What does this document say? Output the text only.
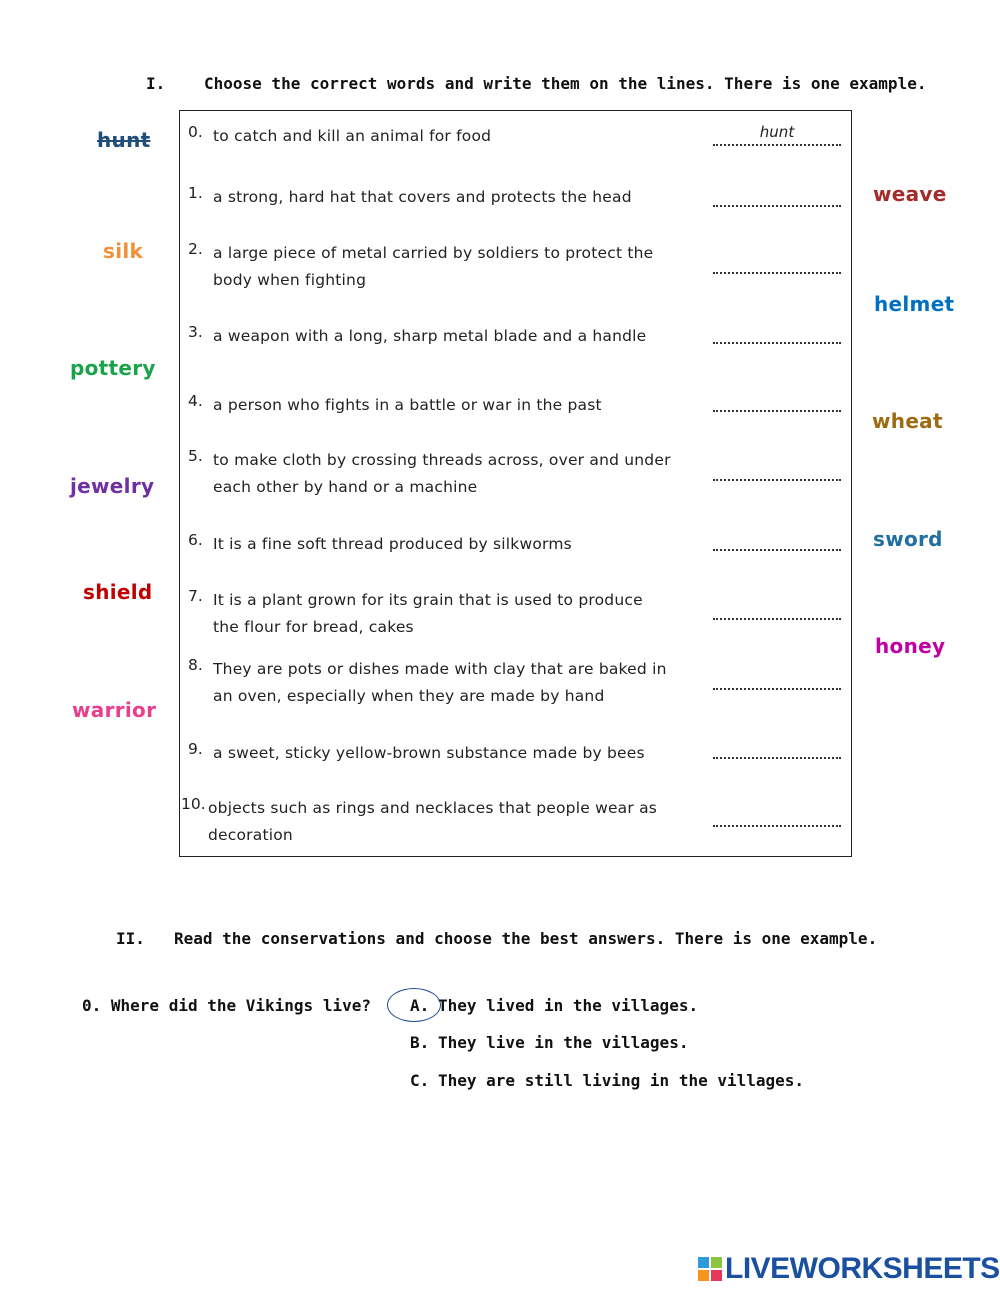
I. Choose the correct words and write them on the lines. There is one example.
hunt
silk
pottery
jewelry
shield
warrior
weave
helmet
wheat
sword
honey
0. to catch and kill an animal for food	hunt
1. a strong, hard hat that covers and protects the head
2. a large piece of metal carried by soldiers to protect the
body when fighting
3. a weapon with a long, sharp metal blade and a handle
4. a person who fights in a battle or war in the past
5. to make cloth by crossing threads across, over and under
each other by hand or a machine
6. It is a fine soft thread produced by silkworms
7. It is a plant grown for its grain that is used to produce
the flour for bread, cakes
8. They are pots or dishes made with clay that are baked in
an oven, especially when they are made by hand
9. a sweet, sticky yellow-brown substance made by bees
10. objects such as rings and necklaces that people wear as
decoration
II. Read the conservations and choose the best answers. There is one example.
0. Where did the Vikings live? A. They lived in the villages.
B. They live in the villages.
C. They are still living in the villages.
LIVEWORKSHEETS
